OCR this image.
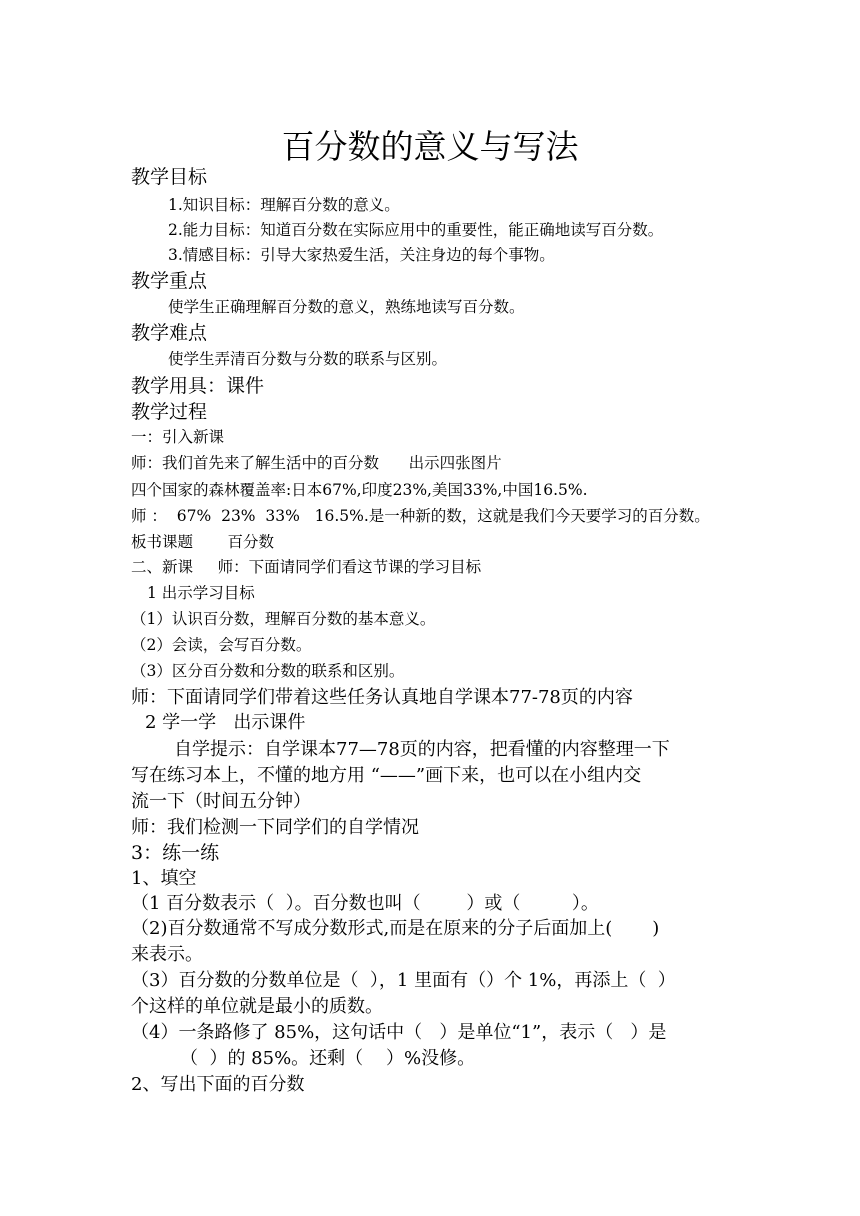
百分数的意义与写法
教学目标
1.知识目标：理解百分数的意义。
2.能力目标：知道百分数在实际应用中的重要性，能正确地读写百分数。
3.情感目标：引导大家热爱生活，关注身边的每个事物。
教学重点
使学生正确理解百分数的意义，熟练地读写百分数。
教学难点
使学生弄清百分数与分数的联系与区别。
教学用具：课件
教学过程
一：引入新课
师：我们首先来了解生活中的百分数      出示四张图片
四个国家的森林覆盖率:日本67%,印度23%,美国33%,中国16.5%.
师 ：  67%  23%  33%   16.5%.是一种新的数，这就是我们今天要学习的百分数。
板书课题       百分数
二、新课     师：下面请同学们看这节课的学习目标
1 出示学习目标
（1）认识百分数，理解百分数的基本意义。
（2）会读，会写百分数。
（3）区分百分数和分数的联系和区别。
师：下面请同学们带着这些任务认真地自学课本77-78页的内容
2 学一学   出示课件
自学提示：自学课本77—78页的内容，把看懂的内容整理一下
写在练习本上，不懂的地方用 “——”画下来，也可以在小组内交
流一下（时间五分钟）
师：我们检测一下同学们的自学情况
3：练一练
1、填空
（1 百分数表示（  ）。百分数也叫（        ）或（         ）。
（2)百分数通常不写成分数形式,而是在原来的分子后面加上(       )
来表示。
（3）百分数的分数单位是（  ），1 里面有（）个 1%，再添上（  ）
个这样的单位就是最小的质数。
（4）一条路修了 85%，这句话中（   ）是单位“1”，表示（   ）是
（  ）的 85%。还剩（    ）%没修。
2、写出下面的百分数
